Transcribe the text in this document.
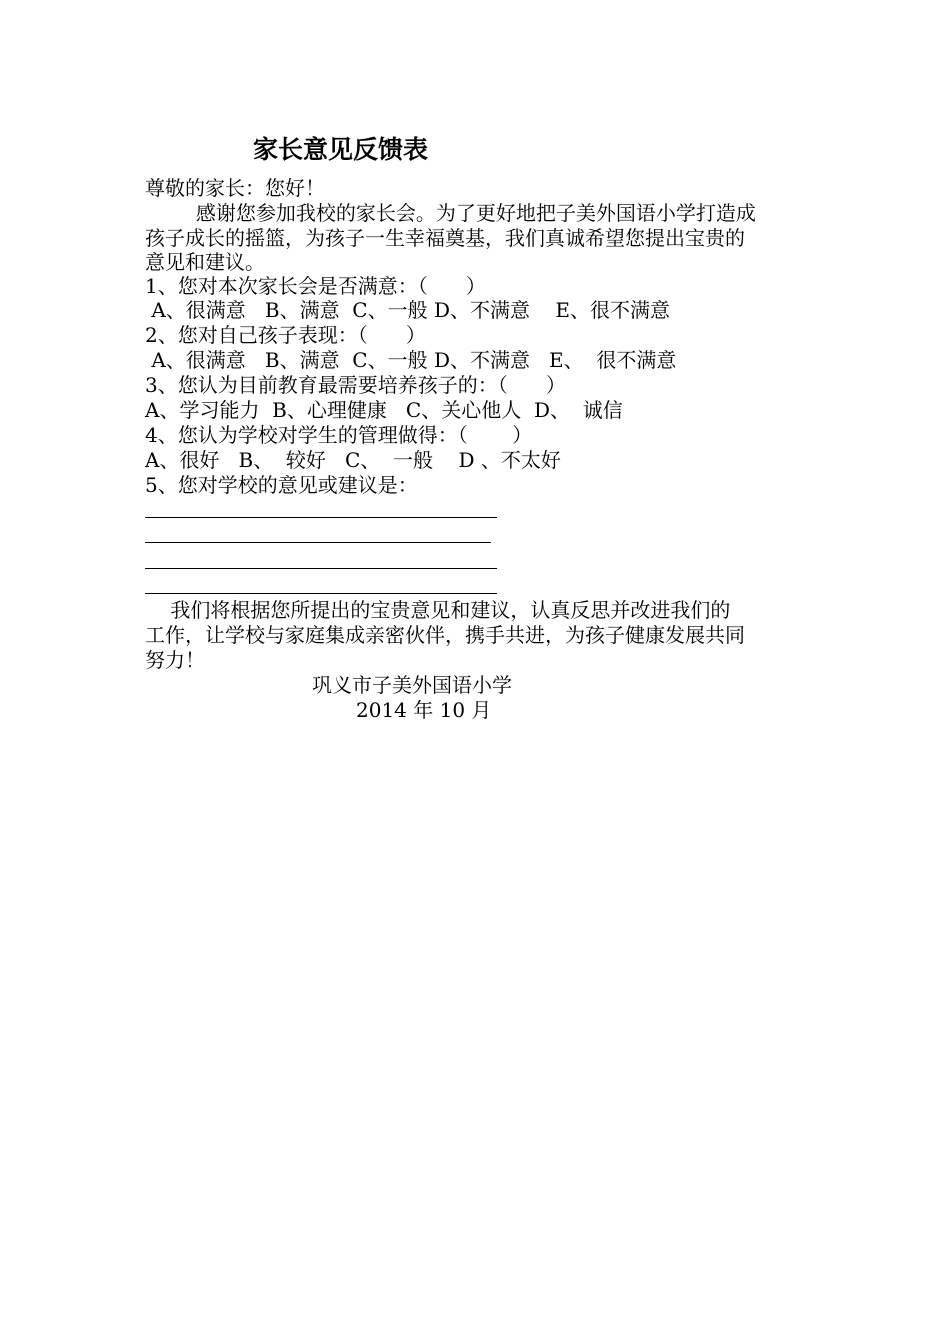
家长意见反馈表

尊敬的家长：您好！

感谢您参加我校的家长会。为了更好地把子美外国语小学打造成

孩子成长的摇篮，为孩子一生幸福奠基，我们真诚希望您提出宝贵的

意见和建议。

1、您对本次家长会是否满意：（      ）

A、很满意   B、满意  C、一般 D、不满意    E、很不满意

2、您对自己孩子表现：（      ）

A、很满意   B、满意  C、一般 D、不满意   E、  很不满意

3、您认为目前教育最需要培养孩子的：（      ）

A、学习能力  B、心理健康   C、关心他人  D、  诚信

4、您认为学校对学生的管理做得：（       ）

A、很好   B、  较好   C、  一般    D 、不太好

5、您对学校的意见或建议是：

我们将根据您所提出的宝贵意见和建议，认真反思并改进我们的

工作，让学校与家庭集成亲密伙伴，携手共进，为孩子健康发展共同

努力！

巩义市子美外国语小学

2014 年 10 月
